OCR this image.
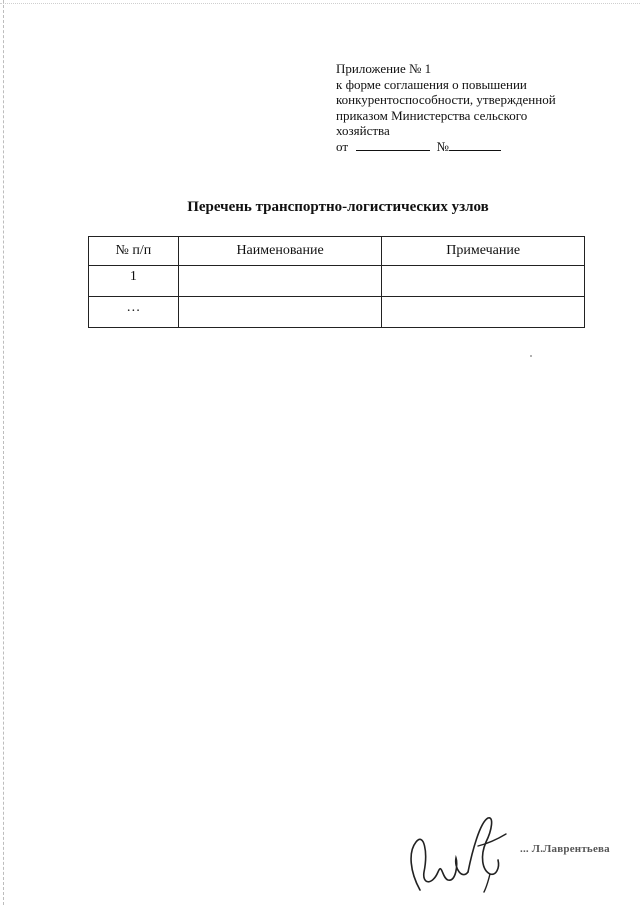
Приложение № 1
к форме соглашения о повышении
конкурентоспособности, утвержденной
приказом Министерства сельского
хозяйства
от	№
Перечень транспортно-логистических узлов
№ п/п	Наименование	Примечание
1		
…		
... Л.Лаврентьева
